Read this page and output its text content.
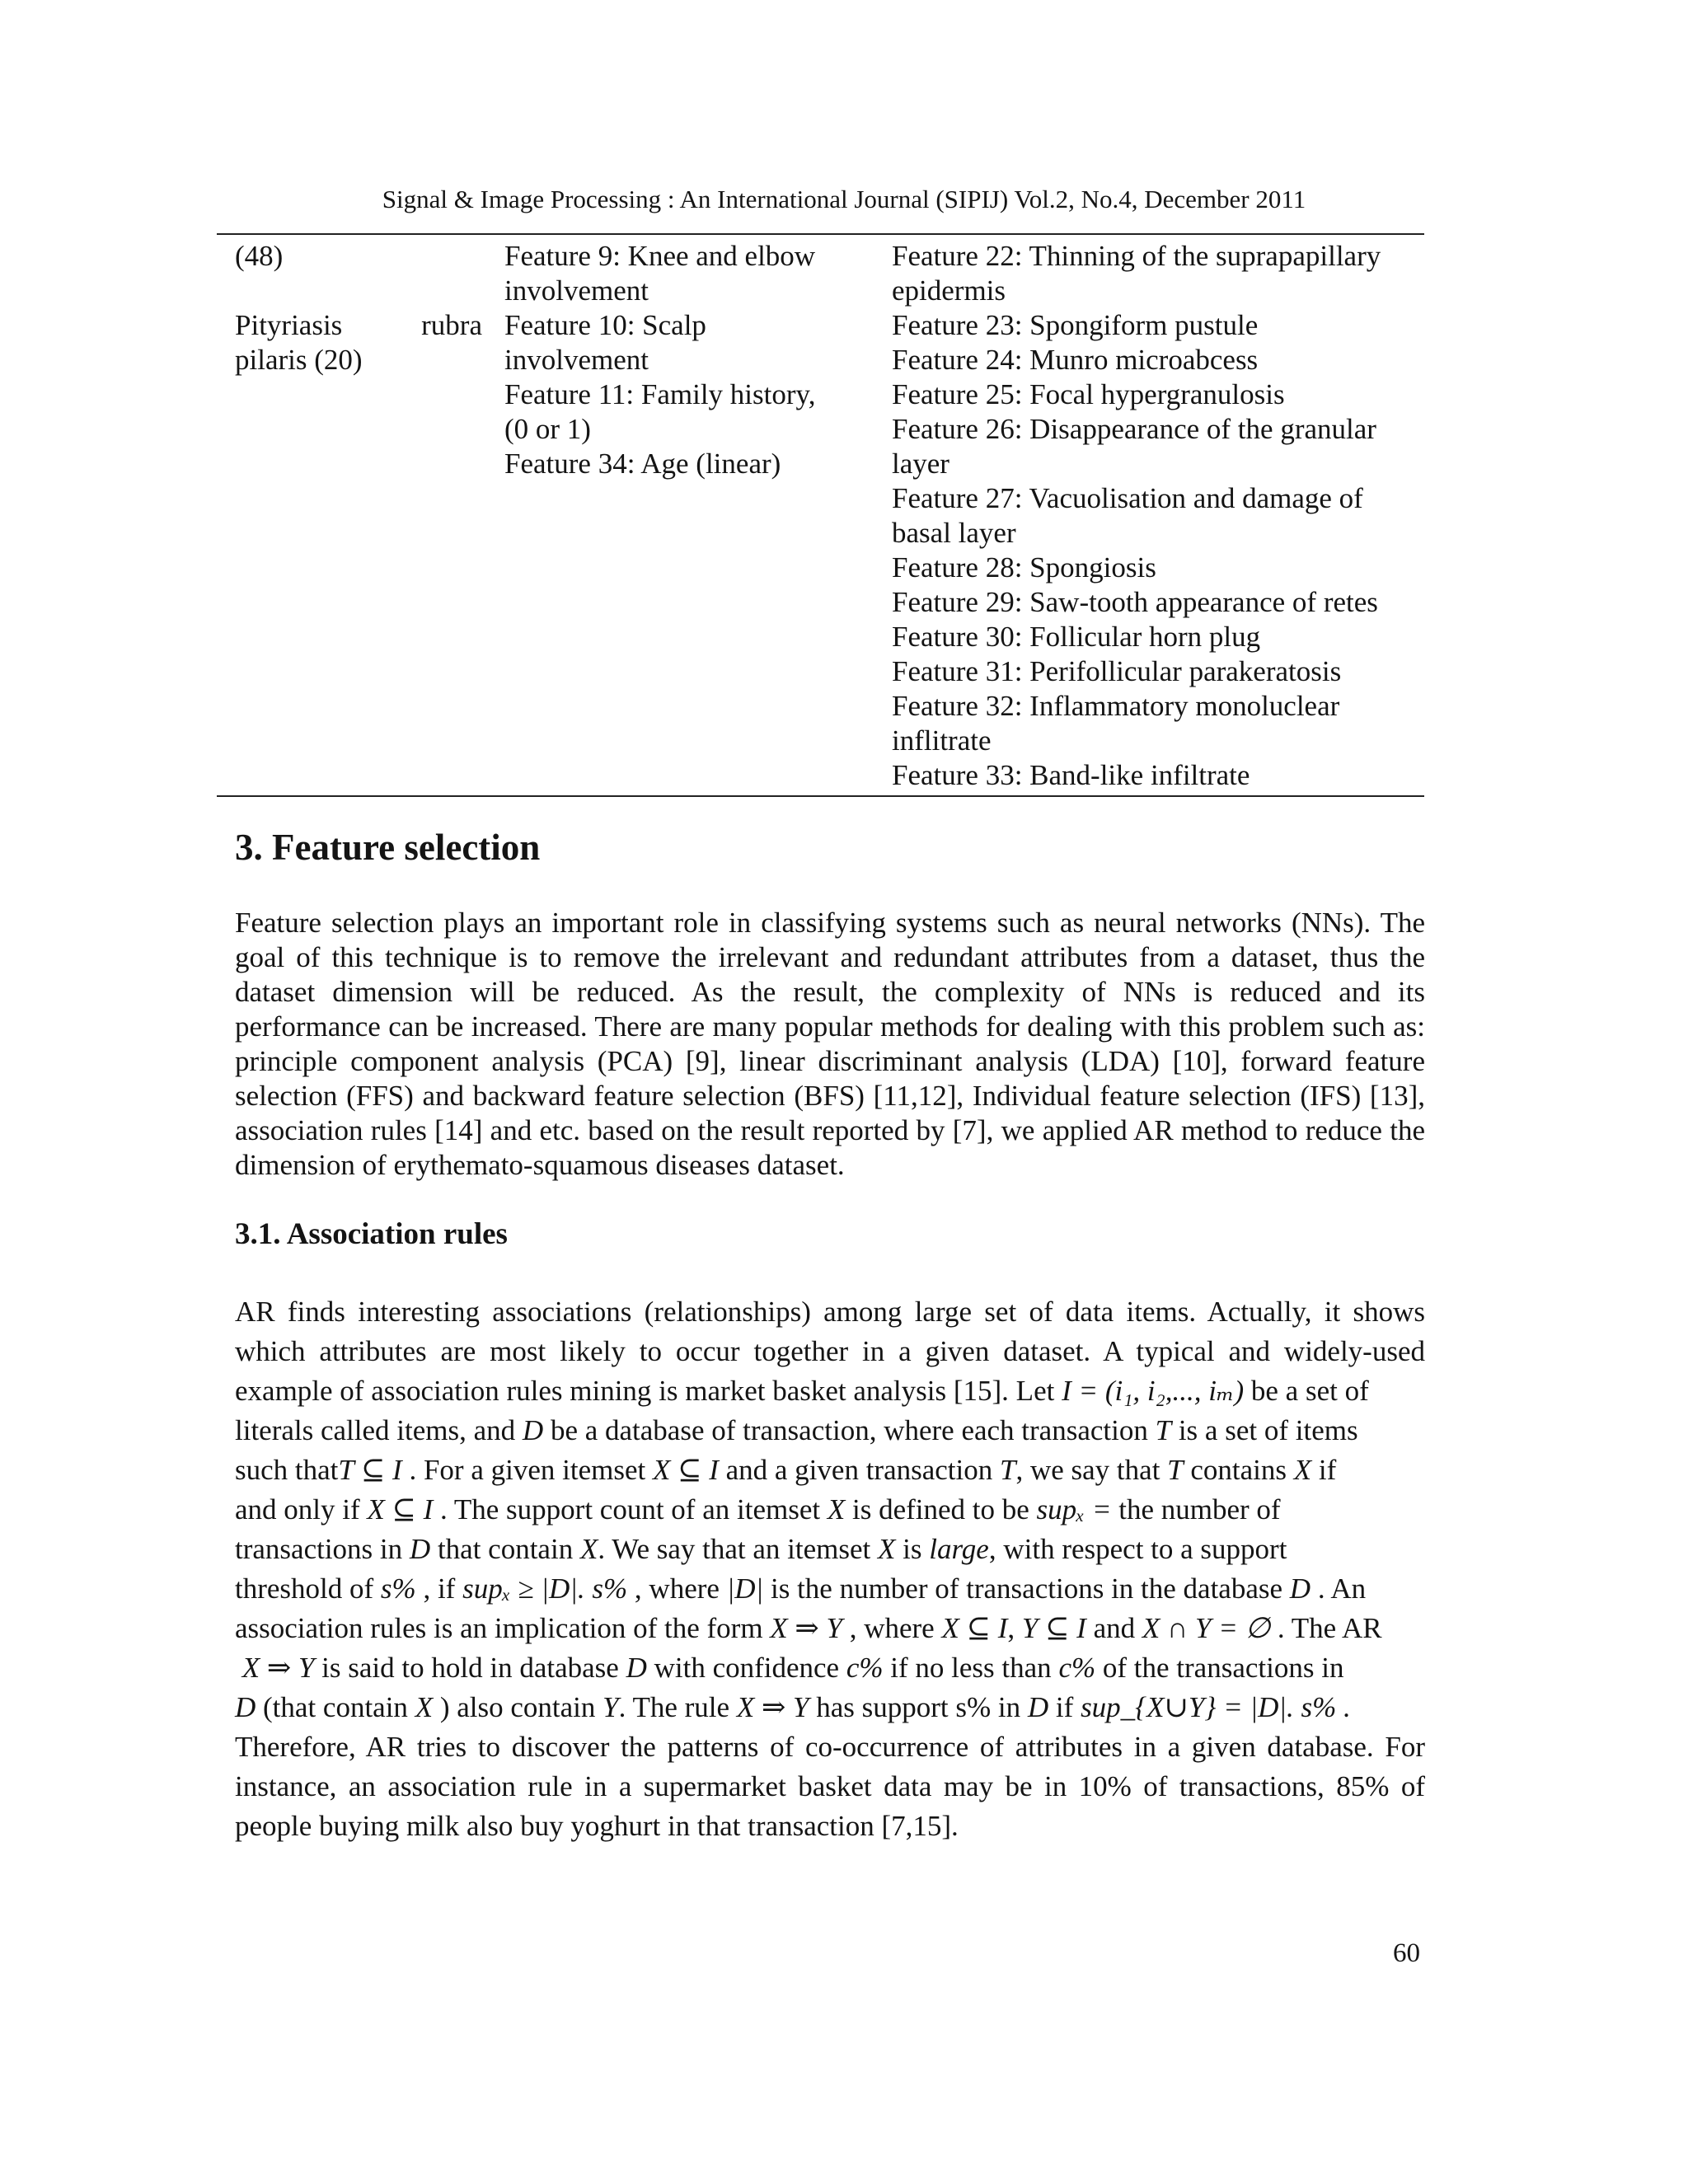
Signal & Image Processing : An International Journal (SIPIJ) Vol.2, No.4, December 2011
(48)
Pityriasis	rubra
pilaris (20)
Feature 9: Knee and elbow
involvement
Feature 10: Scalp
involvement
Feature 11: Family history,
(0 or 1)
Feature 34: Age (linear)
Feature 22: Thinning of the suprapapillary
epidermis
Feature 23: Spongiform pustule
Feature 24: Munro microabcess
Feature 25: Focal hypergranulosis
Feature 26: Disappearance of the granular
layer
Feature 27: Vacuolisation and damage of
basal layer
Feature 28: Spongiosis
Feature 29: Saw-tooth appearance of retes
Feature 30: Follicular horn plug
Feature 31: Perifollicular parakeratosis
Feature 32: Inflammatory monoluclear
inflitrate
Feature 33: Band-like infiltrate
3. Feature selection
Feature selection plays an important role in classifying systems such as neural networks (NNs). The goal of this technique is to remove the irrelevant and redundant attributes from a dataset, thus the dataset dimension will be reduced. As the result, the complexity of NNs is reduced and its performance can be increased. There are many popular methods for dealing with this problem such as: principle component analysis (PCA) [9], linear discriminant analysis (LDA) [10], forward feature selection (FFS) and backward feature selection (BFS) [11,12], Individual feature selection (IFS) [13], association rules [14] and etc. based on the result reported by [7], we applied AR method to reduce the dimension of erythemato-squamous diseases dataset.
3.1. Association rules
AR finds interesting associations (relationships) among large set of data items. Actually, it shows
which attributes are most likely to occur together in a given dataset. A typical and widely-used
example of association rules mining is market basket analysis [15]. Let I = (i₁, i₂,..., iₘ) be a set of
literals called items, and D be a database of transaction, where each transaction T is a set of items
such thatT ⊆ I . For a given itemset X ⊆ I and a given transaction T, we say that T contains X if
and only if X ⊆ I . The support count of an itemset X is defined to be supₓ = the number of
transactions in D that contain X. We say that an itemset X is large, with respect to a support
threshold of s% , if supₓ ≥ |D|. s% , where |D| is the number of transactions in the database D . An
association rules is an implication of the form X ⇒ Y , where X ⊆ I, Y ⊆ I and X ∩ Y = ∅ . The AR
X ⇒ Y is said to hold in database D with confidence c% if no less than c% of the transactions in
D (that contain X ) also contain Y. The rule X ⇒ Y has support s% in D if sup_{X∪Y} = |D|. s% .
Therefore, AR tries to discover the patterns of co-occurrence of attributes in a given database. For
instance, an association rule in a supermarket basket data may be in 10% of transactions, 85% of
people buying milk also buy yoghurt in that transaction [7,15].
60
